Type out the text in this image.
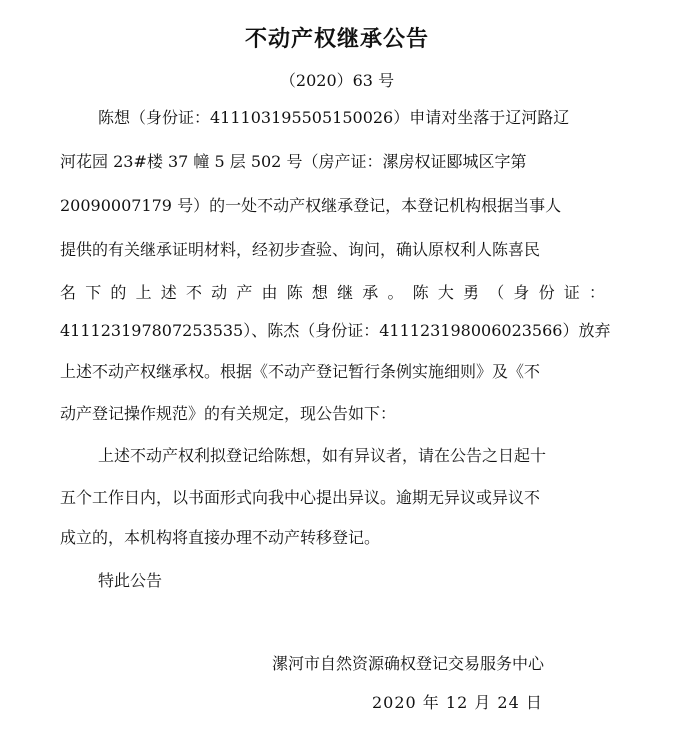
不动产权继承公告
（2020）63 号
陈想（身份证：411103195505150026）申请对坐落于辽河路辽
河花园 23#楼 37 幢 5 层 502 号（房产证：漯房权证郾城区字第
20090007179 号）的一处不动产权继承登记，本登记机构根据当事人
提供的有关继承证明材料，经初步查验、询问，确认原权利人陈喜民
名下的上述不动产由陈想继承。陈大勇（身份证：
411123197807253535）、陈杰（身份证：411123198006023566）放弃
上述不动产权继承权。根据《不动产登记暂行条例实施细则》及《不
动产登记操作规范》的有关规定，现公告如下：
上述不动产权利拟登记给陈想，如有异议者，请在公告之日起十
五个工作日内，以书面形式向我中心提出异议。逾期无异议或异议不
成立的，本机构将直接办理不动产转移登记。
特此公告
漯河市自然资源确权登记交易服务中心
2020 年 12 月 24 日
